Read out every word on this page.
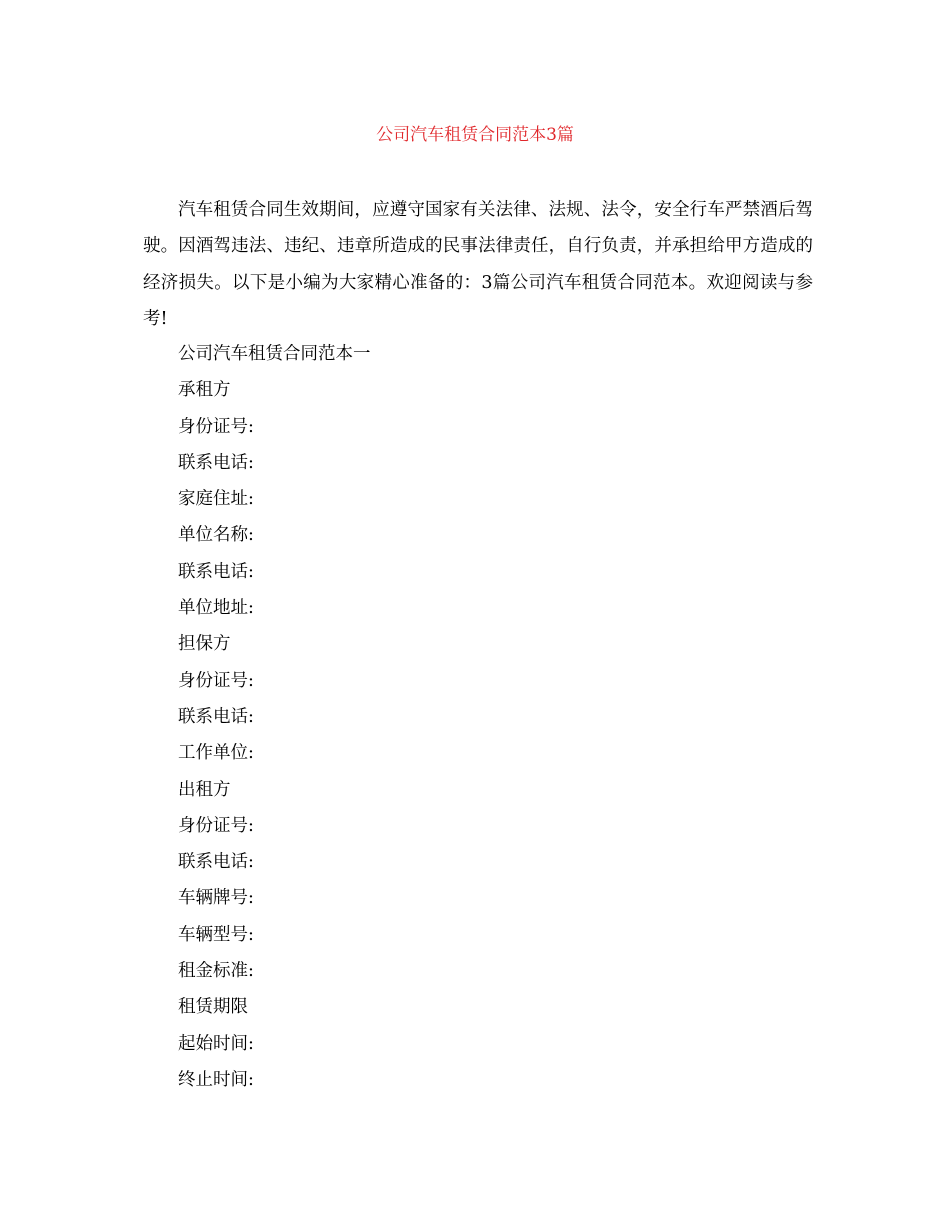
公司汽车租赁合同范本3篇

汽车租赁合同生效期间，应遵守国家有关法律、法规、法令，安全行车严禁酒后驾驶。因酒驾违法、违纪、违章所造成的民事法律责任，自行负责，并承担给甲方造成的经济损失。以下是小编为大家精心准备的：3篇公司汽车租赁合同范本。欢迎阅读与参考!

公司汽车租赁合同范本一
承租方
身份证号:
联系电话:
家庭住址:
单位名称:
联系电话:
单位地址:
担保方
身份证号:
联系电话:
工作单位:
出租方
身份证号:
联系电话:
车辆牌号:
车辆型号:
租金标准:
租赁期限
起始时间:
终止时间:
